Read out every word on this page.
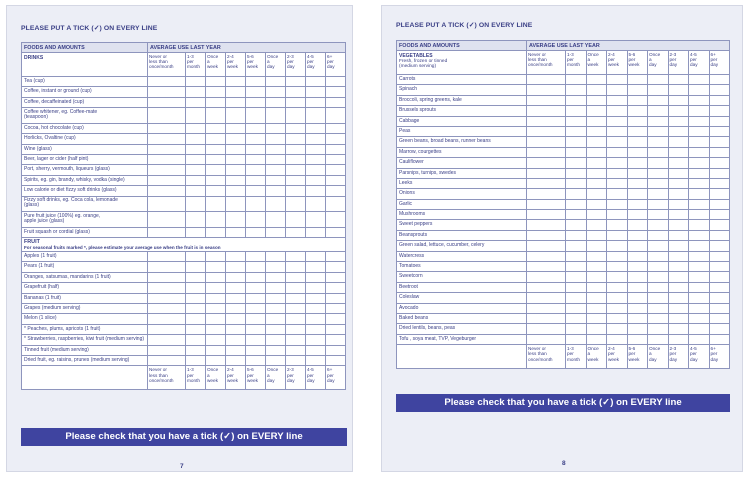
PLEASE PUT A TICK (✓) ON EVERY LINE
FOODS AND AMOUNTS	AVERAGE USE LAST YEAR								
DRINKS	Never or
less than
once/month	1-3
per
month	Once
a
week	2-4
per
week	5-6
per
week	Once
a
day	2-3
per
day	4-5
per
day	6+
per
day
Tea (cup)									
Coffee, instant or ground (cup)									
Coffee, decaffeinated (cup)									
Coffee whitener, eg. Coffee-mate
(teaspoon)									
Cocoa, hot chocolate (cup)									
Horlicks, Ovaltine (cup)									
Wine (glass)									
Beer, lager or cider (half pint)									
Port, sherry, vermouth, liqueurs (glass)									
Spirits, eg. gin, brandy, whisky, vodka (single)									
Low calorie or diet fizzy soft drinks (glass)									
Fizzy soft drinks, eg. Coca cola, lemonade
(glass)									
Pure fruit juice (100%) eg. orange,
apple juice (glass)									
Fruit squash or cordial (glass)									
FRUIT
For seasonal fruits marked *, please estimate your average use when the fruit is in season									

Apples (1 fruit)									
Pears (1 fruit)									
Oranges, satsumas, mandarins (1 fruit)									
Grapefruit (half)									
Bananas (1 fruit)									
Grapes (medium serving)									
Melon (1 slice)									
* Peaches, plums, apricots (1 fruit)									
* Strawberries, raspberries, kiwi fruit (medium serving)									
Tinned fruit (medium serving)									
Dried fruit, eg. raisins, prunes (medium serving)									
	Never or
less than
once/month	1-3
per
month	Once
a
week	2-4
per
week	5-6
per
week	Once
a
day	2-3
per
day	4-5
per
day	6+
per
day
Please check that you have a tick (✓) on EVERY line
7
PLEASE PUT A TICK (✓) ON EVERY LINE
FOODS AND AMOUNTS	AVERAGE USE LAST YEAR								
VEGETABLES
Fresh, frozen or tinned
(medium serving)	Never or
less than
once/month	1-3
per
month	Once
a
week	2-4
per
week	5-6
per
week	Once
a
day	2-3
per
day	4-5
per
day	6+
per
day
Carrots									
Spinach									
Broccoli, spring greens, kale									
Brussels sprouts									
Cabbage									
Peas									
Green beans, broad beans, runner beans									
Marrow, courgettes									
Cauliflower									
Parsnips, turnips, swedes									
Leeks									
Onions									
Garlic									
Mushrooms									
Sweet peppers									
Beansprouts									
Green salad, lettuce, cucumber, celery									
Watercress									
Tomatoes									
Sweetcorn									
Beetroot									
Coleslaw									
Avocado									
Baked beans									
Dried lentils, beans, peas									
Tofu , soya meat, TVP, Vegeburger									
	Never or
less than
once/month	1-3
per
month	Once
a
week	2-4
per
week	5-6
per
week	Once
a
day	2-3
per
day	4-5
per
day	6+
per
day
Please check that you have a tick (✓) on EVERY line
8
